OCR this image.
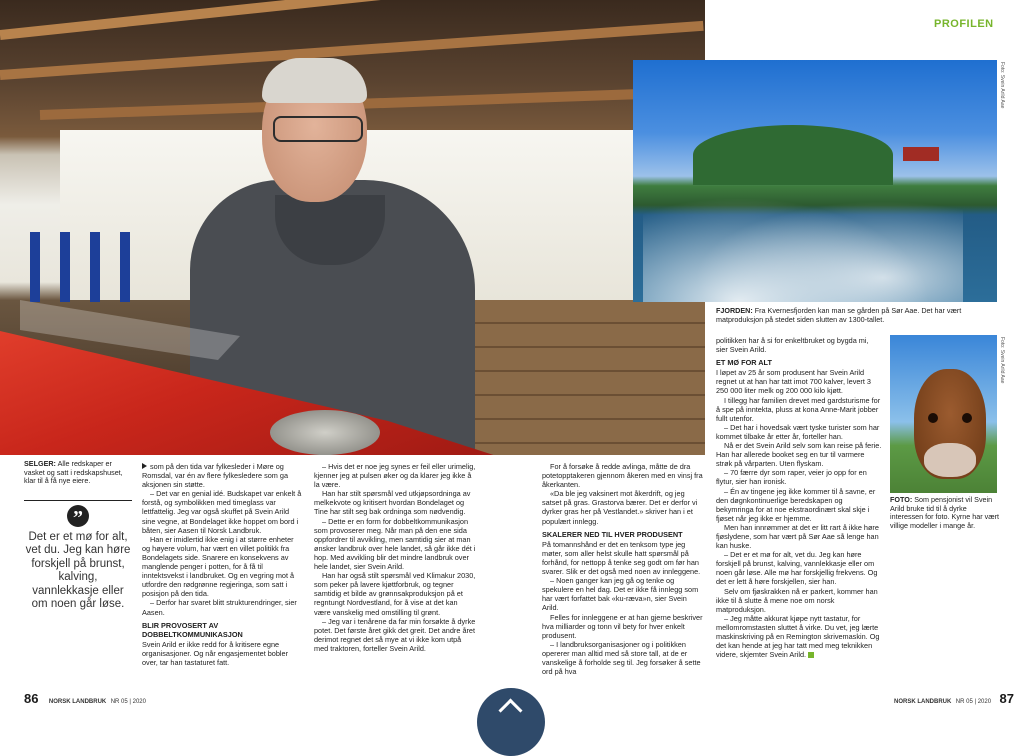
PROFILEN
Foto: Svein Arild Aae
FJORDEN: Fra Kvernesfjorden kan man se gården på Sør Aae. Det har vært matproduksjon på stedet siden slutten av 1300-tallet.
Foto: Svein Arild Aae
FOTO: Som pensjonist vil Svein Arild bruke tid til å dyrke interessen for foto. Kyrne har vært villige modeller i mange år.
SELGER: Alle redskaper er vasket og satt i redskapshuset, klar til å få nye eiere.
”
Det er et mø for alt, vet du. Jeg kan høre forskjell på brunst, kalving, vannlekkasje eller om noen går løse.

som på den tida var fylkesleder i Møre og Romsdal, var én av flere fylkesledere som ga aksjonen sin støtte.

– Det var en genial idé. Budskapet var enkelt å forstå, og symbolikken med timeglass var lettfattelig. Jeg var også skuffet på Svein Arild sine vegne, at Bondelaget ikke hoppet om bord i båten, sier Aasen til Norsk Landbruk.

Han er imidlertid ikke enig i at større enheter og høyere volum, har vært en villet politikk fra Bondelagets side. Snarere en konsekvens av manglende penger i potten, for å få til inntektsvekst i landbruket. Og en vegring mot å utfordre den rødgrønne regjeringa, som satt i posisjon på den tida.

– Derfor har svaret blitt strukturendringer, sier Aasen.

BLIR PROVOSERT AV DOBBELTKOMMUNIKASJON

Svein Arild er ikke redd for å kritisere egne organisasjoner. Og når engasjementet bobler over, tar han tastaturet fatt.

– Hvis det er noe jeg synes er feil eller urimelig, kjenner jeg at pulsen øker og da klarer jeg ikke å la være.

Han har stilt spørsmål ved utkjøpsordninga av melkekvote og kritisert hvordan Bondelaget og Tine har stilt seg bak ordninga som nødvendig.

– Dette er en form for dobbeltkommunikasjon som provoserer meg. Når man på den ene sida oppfordrer til avvikling, men samtidig sier at man ønsker landbruk over hele landet, så går ikke dét i hop. Med avvikling blir det mindre landbruk over hele landet, sier Svein Arild.

Han har også stilt spørsmål ved Klimakur 2030, som peker på lavere kjøttforbruk, og tegner samtidig et bilde av grønnsakproduksjon på et regntungt Nordvestland, for å vise at det kan være vanskelig med omstilling til grønt.

– Jeg var i tenårene da far min forsøkte å dyrke potet. Det første året gikk det greit. Det andre året derimot regnet det så mye at vi ikke kom utpå med traktoren, forteller Svein Arild.

For å forsøke å redde avlinga, måtte de dra potetopptakeren gjennom åkeren med en vinsj fra åkerkanten.

«Da ble jeg vaksinert mot åkerdrift, og jeg satset på gras. Grastorva bærer. Det er derfor vi dyrker gras her på Vestlandet.» skriver han i et populært innlegg.

SKALERER NED TIL HVER PRODUSENT

På tomannshånd er det en tenksom type jeg møter, som aller helst skulle hatt spørsmål på forhånd, for nettopp å tenke seg godt om før han svarer. Slik er det også med noen av innleggene.

– Noen ganger kan jeg gå og tenke og spekulere en hel dag. Det er ikke få innlegg som har vært forfattet bak «ku-ræva»n, sier Svein Arild.

Felles for innleggene er at han gjerne beskriver hva milliarder og tonn vil bety for hver enkelt produsent.

– I landbruksorganisasjoner og i politikken opererer man alltid med så store tall, at de er vanskelige å forholde seg til. Jeg forsøker å sette ord på hva

politikken har å si for enkeltbruket og bygda mi, sier Svein Arild.

ET MØ FOR ALT

I løpet av 25 år som produsent har Svein Arild regnet ut at han har tatt imot 700 kalver, levert 3 250 000 liter melk og 200 000 kilo kjøtt.

I tillegg har familien drevet med gardsturisme for å spe på inntekta, pluss at kona Anne-Marit jobber fullt utenfor.

– Det har i hovedsak vært tyske turister som har kommet tilbake år etter år, forteller han.

Nå er det Svein Arild selv som kan reise på ferie. Han har allerede booket seg en tur til varmere strøk på vårparten. Uten flyskam.

– 70 færre dyr som raper, veier jo opp for en flytur, sier han ironisk.

– Én av tingene jeg ikke kommer til å savne, er den døgnkontinuerlige beredskapen og bekymringa for at noe ekstraordinært skal skje i fjøset når jeg ikke er hjemme.

Men han innrømmer at det er litt rart å ikke høre fjøslydene, som har vært på Sør Aae så lenge han kan huske.

– Det er et mø for alt, vet du. Jeg kan høre forskjell på brunst, kalving, vannlekkasje eller om noen går løse. Alle mø har forskjellig frekvens. Og det er lett å høre forskjellen, sier han.

Selv om fjøskrakken nå er parkert, kommer han ikke til å slutte å mene noe om norsk matproduksjon.

– Jeg måtte akkurat kjøpe nytt tastatur, for mellomromstasten sluttet å virke. Du vet, jeg lærte maskinskriving på en Remington skrivemaskin. Og det kan hende at jeg har tatt med meg teknikken videre, skjemter Svein Arild.

86 NORSK LANDBRUK NR 05 | 2020	NORSK LANDBRUK NR 05 | 2020 87
